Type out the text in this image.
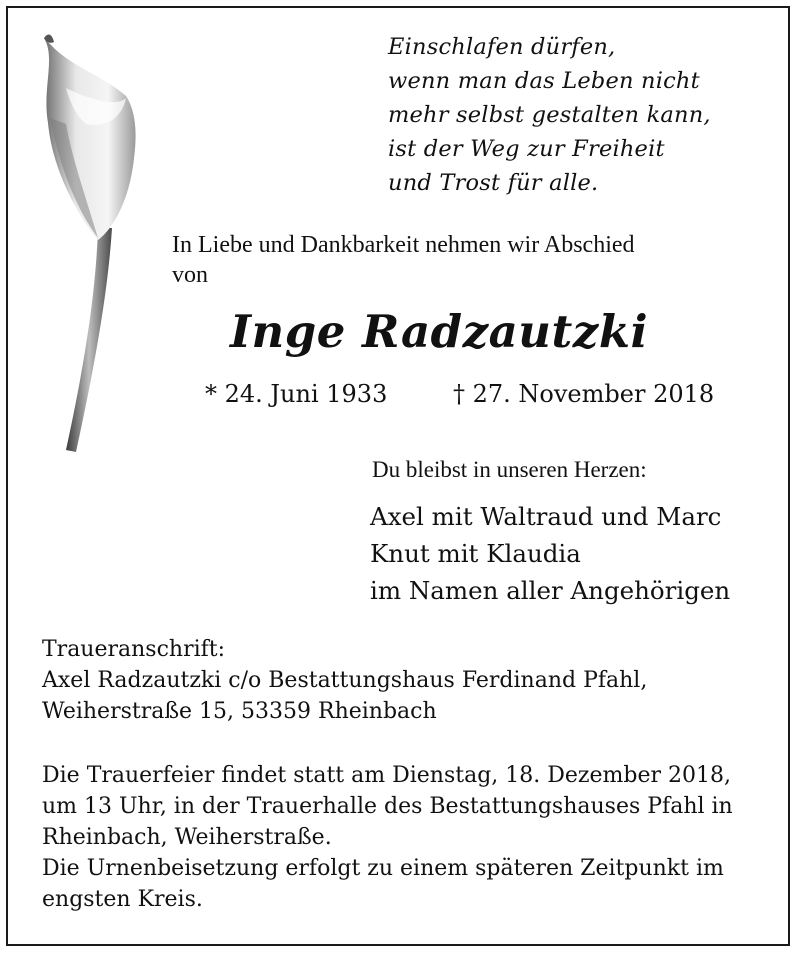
Einschlafen dürfen,
wenn man das Leben nicht
mehr selbst gestalten kann,
ist der Weg zur Freiheit
und Trost für alle.
In Liebe und Dankbarkeit nehmen wir Abschied
von
Inge Radzautzki
* 24. Juni 1933	† 27. November 2018
Du bleibst in unseren Herzen:
Axel mit Waltraud und Marc
Knut mit Klaudia
im Namen aller Angehörigen
Traueranschrift:
Axel Radzautzki c/o Bestattungshaus Ferdinand Pfahl,
Weiherstraße 15, 53359 Rheinbach
Die Trauerfeier findet statt am Dienstag, 18. Dezember 2018,
um 13 Uhr, in der Trauerhalle des Bestattungshauses Pfahl in
Rheinbach, Weiherstraße.
Die Urnenbeisetzung erfolgt zu einem späteren Zeitpunkt im
engsten Kreis.
